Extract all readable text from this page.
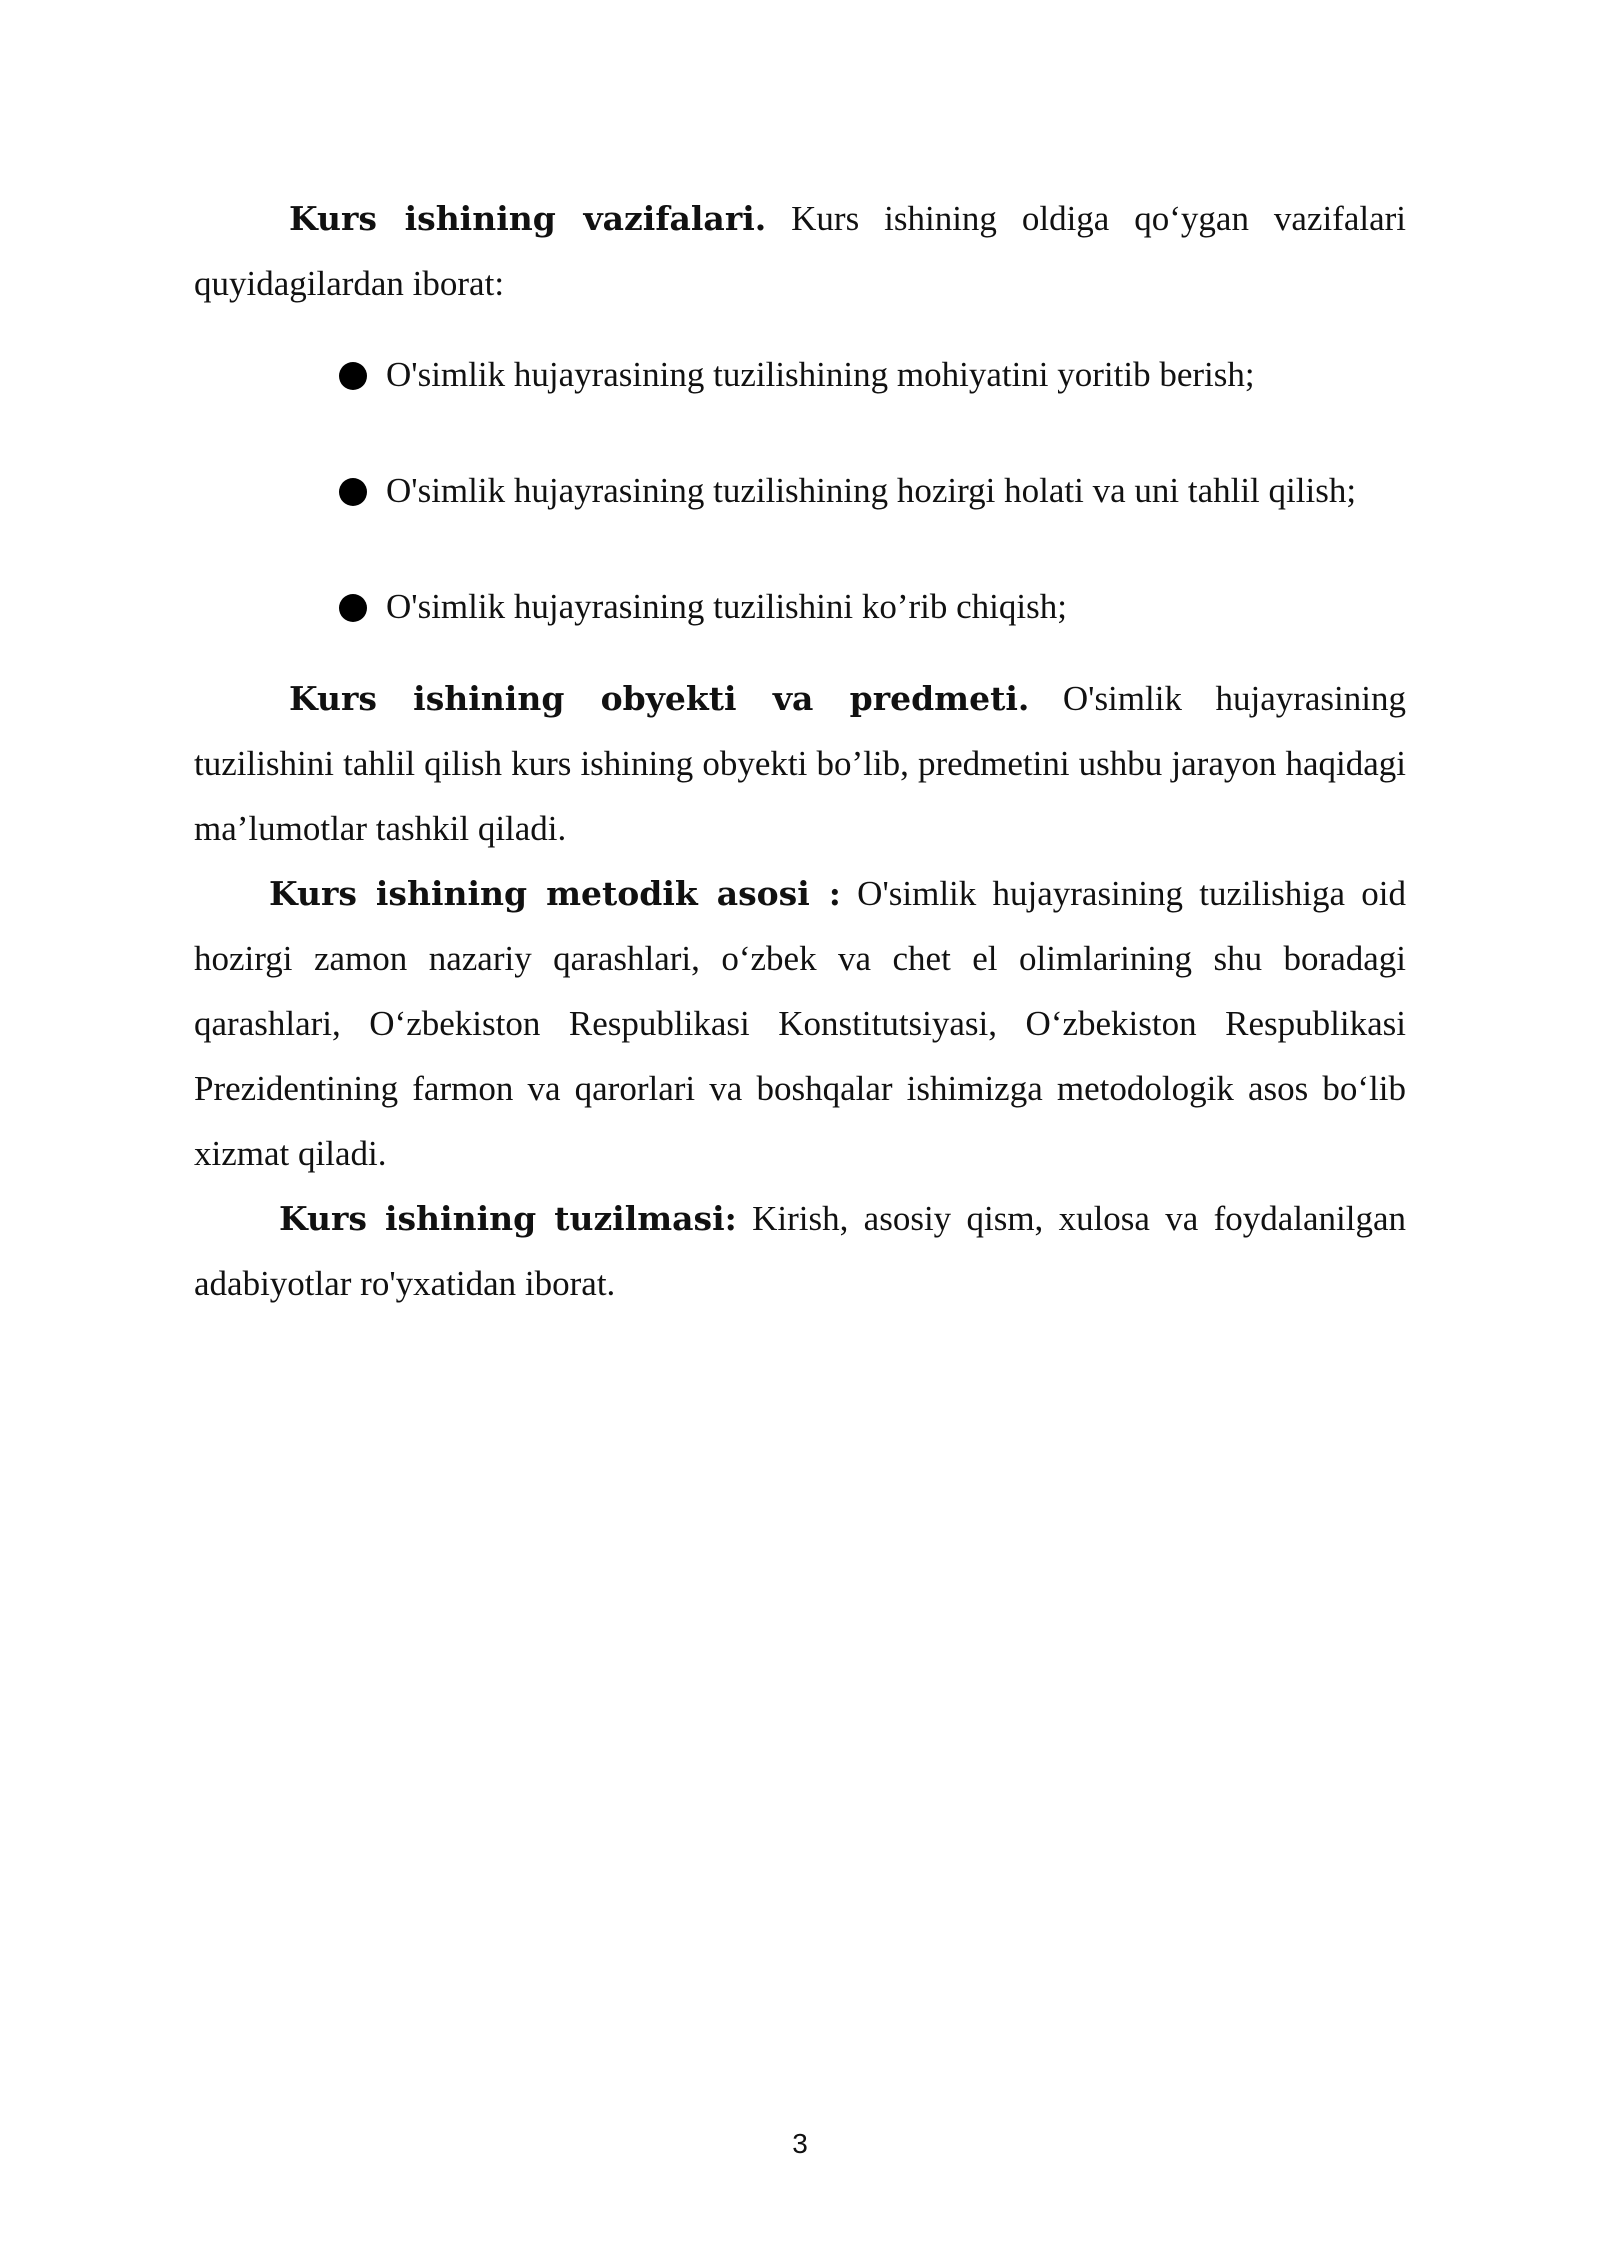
Kurs ishining vazifalari. Kurs ishining oldiga qo‘ygan vazifalari quyidagilardan iborat:

O'simlik hujayrasining tuzilishining mohiyatini yoritib berish;
O'simlik hujayrasining tuzilishining hozirgi holati va uni tahlil qilish;
O'simlik hujayrasining tuzilishini ko’rib chiqish;

Kurs ishining obyekti va predmeti. O'simlik hujayrasining tuzilishini tahlil qilish kurs ishining obyekti bo’lib, predmetini ushbu jarayon haqidagi ma’lumotlar tashkil qiladi.

Kurs ishining metodik asosi : O'simlik hujayrasining tuzilishiga oid hozirgi zamon nazariy qarashlari, o‘zbek va chet el olimlarining shu boradagi qarashlari, O‘zbekiston Respublikasi Konstitutsiyasi, O‘zbekiston Respublikasi Prezidentining farmon va qarorlari va boshqalar ishimizga metodologik asos bo‘lib xizmat qiladi.

Kurs ishining tuzilmasi: Kirish, asosiy qism, xulosa va foydalanilgan adabiyotlar ro'yxatidan iborat.

3
